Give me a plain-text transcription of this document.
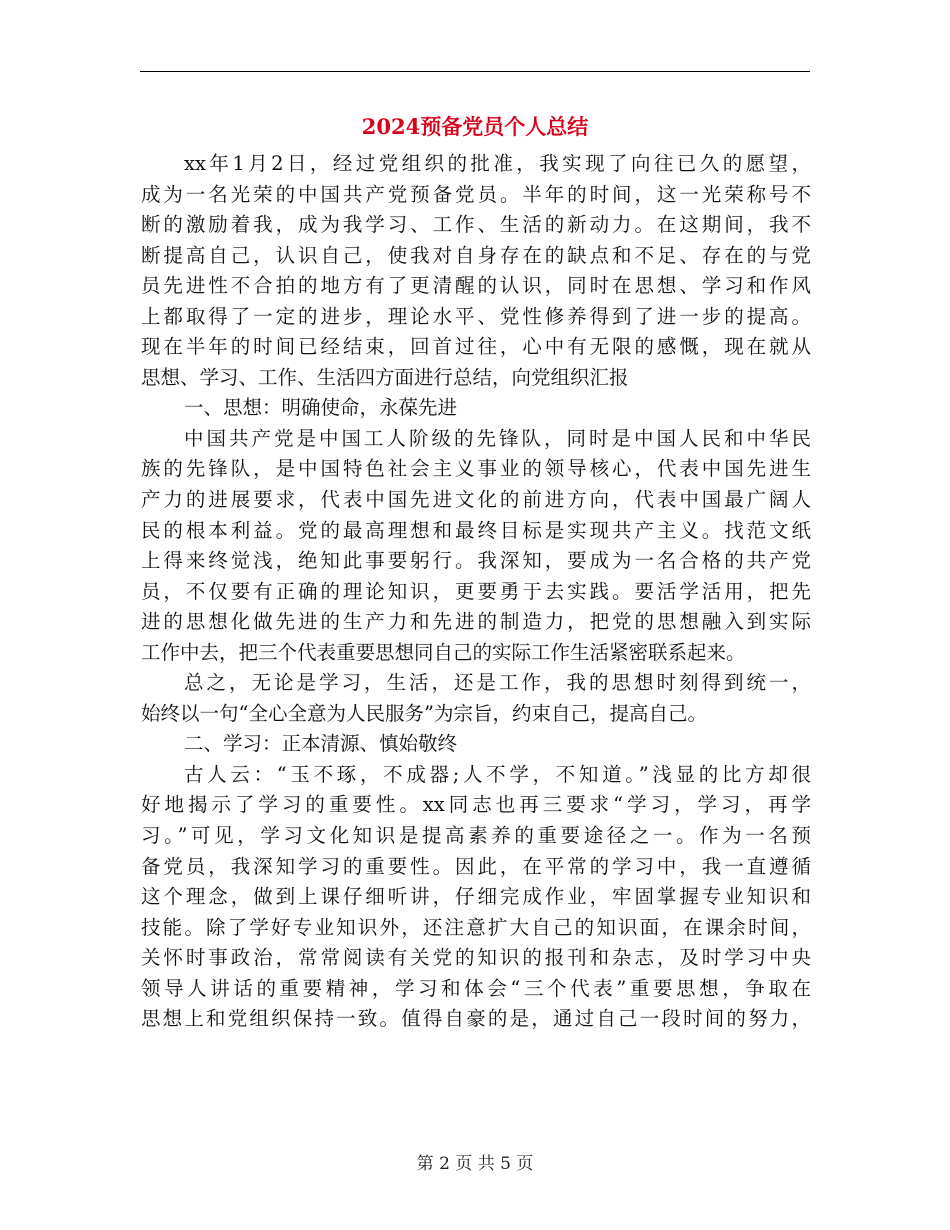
2024预备党员个人总结
xx年1月2日，经过党组织的批准，我实现了向往已久的愿望，
成为一名光荣的中国共产党预备党员。半年的时间，这一光荣称号不
断的激励着我，成为我学习、工作、生活的新动力。在这期间，我不
断提高自己，认识自己，使我对自身存在的缺点和不足、存在的与党
员先进性不合拍的地方有了更清醒的认识，同时在思想、学习和作风
上都取得了一定的进步，理论水平、党性修养得到了进一步的提高。
现在半年的时间已经结束，回首过往，心中有无限的感慨，现在就从
思想、学习、工作、生活四方面进行总结，向党组织汇报
一、思想：明确使命，永葆先进
中国共产党是中国工人阶级的先锋队，同时是中国人民和中华民
族的先锋队，是中国特色社会主义事业的领导核心，代表中国先进生
产力的进展要求，代表中国先进文化的前进方向，代表中国最广阔人
民的根本利益。党的最高理想和最终目标是实现共产主义。找范文纸
上得来终觉浅，绝知此事要躬行。我深知，要成为一名合格的共产党
员，不仅要有正确的理论知识，更要勇于去实践。要活学活用，把先
进的思想化做先进的生产力和先进的制造力，把党的思想融入到实际
工作中去，把三个代表重要思想同自己的实际工作生活紧密联系起来。
总之，无论是学习，生活，还是工作，我的思想时刻得到统一，
始终以一句“全心全意为人民服务”为宗旨，约束自己，提高自己。
二、学习：正本清源、慎始敬终
古人云：“玉不琢，不成器;人不学，不知道。”浅显的比方却很
好地揭示了学习的重要性。xx同志也再三要求“学习，学习，再学
习。”可见，学习文化知识是提高素养的重要途径之一。作为一名预
备党员，我深知学习的重要性。因此，在平常的学习中，我一直遵循
这个理念，做到上课仔细听讲，仔细完成作业，牢固掌握专业知识和
技能。除了学好专业知识外，还注意扩大自己的知识面，在课余时间，
关怀时事政治，常常阅读有关党的知识的报刊和杂志，及时学习中央
领导人讲话的重要精神，学习和体会“三个代表”重要思想，争取在
思想上和党组织保持一致。值得自豪的是，通过自己一段时间的努力，
第 2 页 共 5 页
